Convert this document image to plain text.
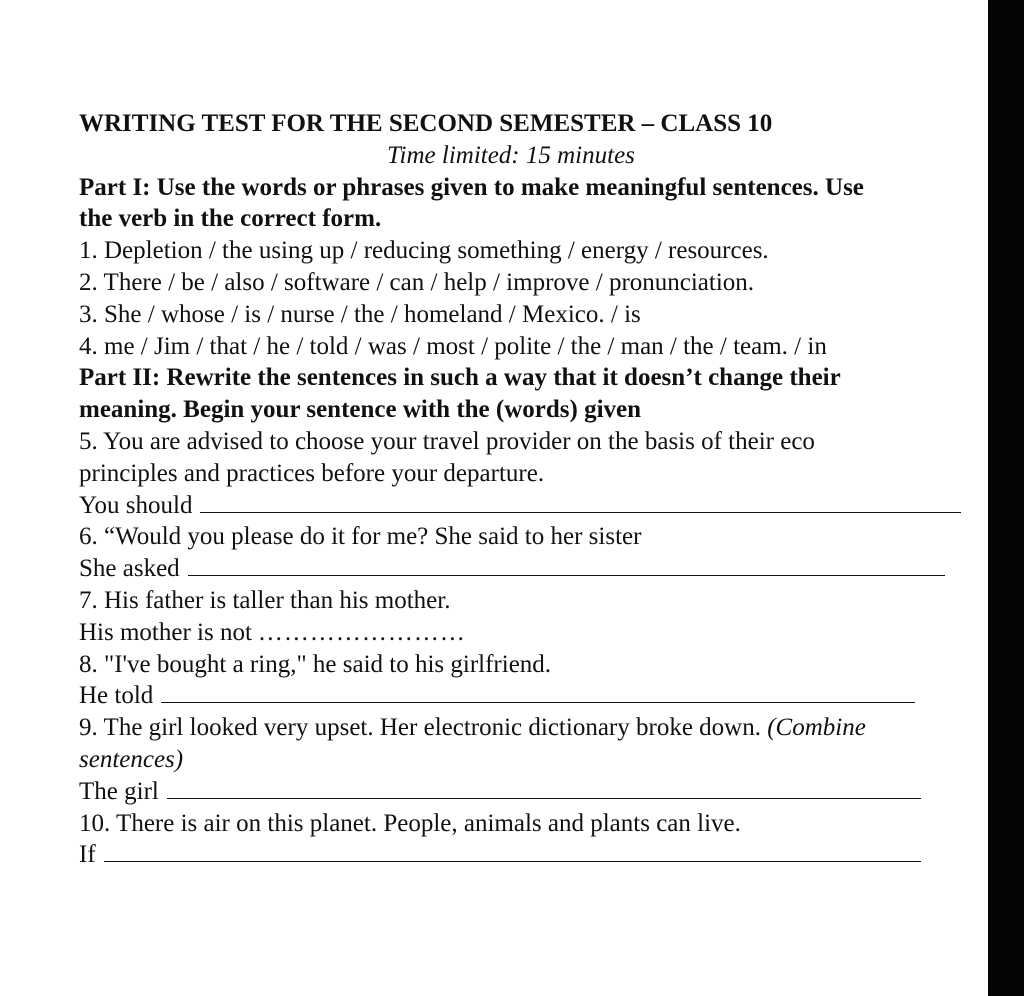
WRITING TEST FOR THE SECOND SEMESTER – CLASS 10
Time limited: 15 minutes
Part I: Use the words or phrases given to make meaningful sentences. Use
the verb in the correct form.
1. Depletion / the using up / reducing something / energy / resources.
2. There / be / also / software / can / help / improve / pronunciation.
3. She / whose / is / nurse / the / homeland / Mexico. / is
4. me / Jim / that / he / told / was / most / polite / the / man / the / team. / in
Part II: Rewrite the sentences in such a way that it doesn’t change their
meaning. Begin your sentence with the (words) given
5. You are advised to choose your travel provider on the basis of their eco
principles and practices before your departure.
You should
6. “Would you please do it for me? She said to her sister
She asked
7. His father is taller than his mother.
His mother is not ……………………
8. "I've bought a ring," he said to his girlfriend.
He told
9. The girl looked very upset. Her electronic dictionary broke down. (Combine
sentences)
The girl
10. There is air on this planet. People, animals and plants can live.
If
